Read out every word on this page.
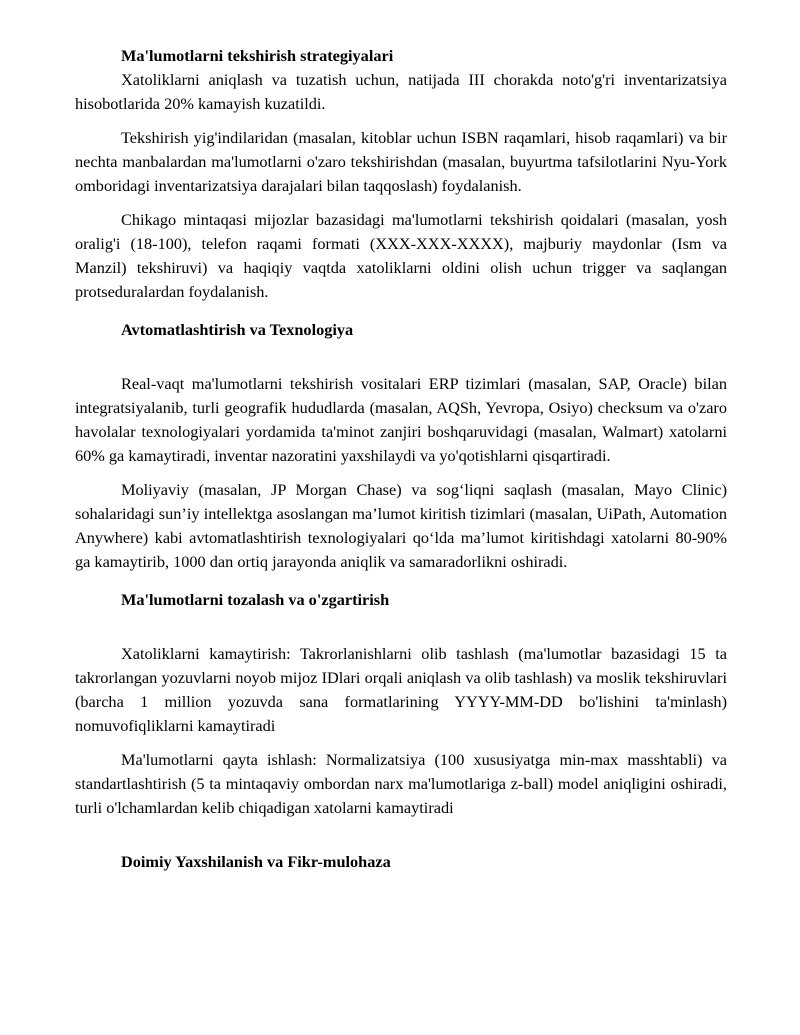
Ma'lumotlarni tekshirish strategiyalari

Xatoliklarni aniqlash va tuzatish uchun, natijada III chorakda noto'g'ri inventarizatsiya hisobotlarida 20% kamayish kuzatildi.

Tekshirish yig'indilaridan (masalan, kitoblar uchun ISBN raqamlari, hisob raqamlari) va bir nechta manbalardan ma'lumotlarni o'zaro tekshirishdan (masalan, buyurtma tafsilotlarini Nyu-York omboridagi inventarizatsiya darajalari bilan taqqoslash) foydalanish.

Chikago mintaqasi mijozlar bazasidagi ma'lumotlarni tekshirish qoidalari (masalan, yosh oralig'i (18-100), telefon raqami formati (XXX-XXX-XXXX), majburiy maydonlar (Ism va Manzil) tekshiruvi) va haqiqiy vaqtda xatoliklarni oldini olish uchun trigger va saqlangan protseduralardan foydalanish.

Avtomatlashtirish va Texnologiya

Real-vaqt ma'lumotlarni tekshirish vositalari ERP tizimlari (masalan, SAP, Oracle) bilan integratsiyalanib, turli geografik hududlarda (masalan, AQSh, Yevropa, Osiyo) checksum va o'zaro havolalar texnologiyalari yordamida ta'minot zanjiri boshqaruvidagi (masalan, Walmart) xatolarni 60% ga kamaytiradi, inventar nazoratini yaxshilaydi va yo'qotishlarni qisqartiradi.

Moliyaviy (masalan, JP Morgan Chase) va sog‘liqni saqlash (masalan, Mayo Clinic) sohalaridagi sun’iy intellektga asoslangan ma’lumot kiritish tizimlari (masalan, UiPath, Automation Anywhere) kabi avtomatlashtirish texnologiyalari qo‘lda ma’lumot kiritishdagi xatolarni 80-90% ga kamaytirib, 1000 dan ortiq jarayonda aniqlik va samaradorlikni oshiradi.

Ma'lumotlarni tozalash va o'zgartirish

Xatoliklarni kamaytirish: Takrorlanishlarni olib tashlash (ma'lumotlar bazasidagi 15 ta takrorlangan yozuvlarni noyob mijoz IDlari orqali aniqlash va olib tashlash) va moslik tekshiruvlari (barcha 1 million yozuvda sana formatlarining YYYY-MM-DD bo'lishini ta'minlash) nomuvofiqliklarni kamaytiradi

Ma'lumotlarni qayta ishlash: Normalizatsiya (100 xususiyatga min-max masshtabli) va standartlashtirish (5 ta mintaqaviy ombordan narx ma'lumotlariga z-ball) model aniqligini oshiradi, turli o'lchamlardan kelib chiqadigan xatolarni kamaytiradi

Doimiy Yaxshilanish va Fikr-mulohaza
